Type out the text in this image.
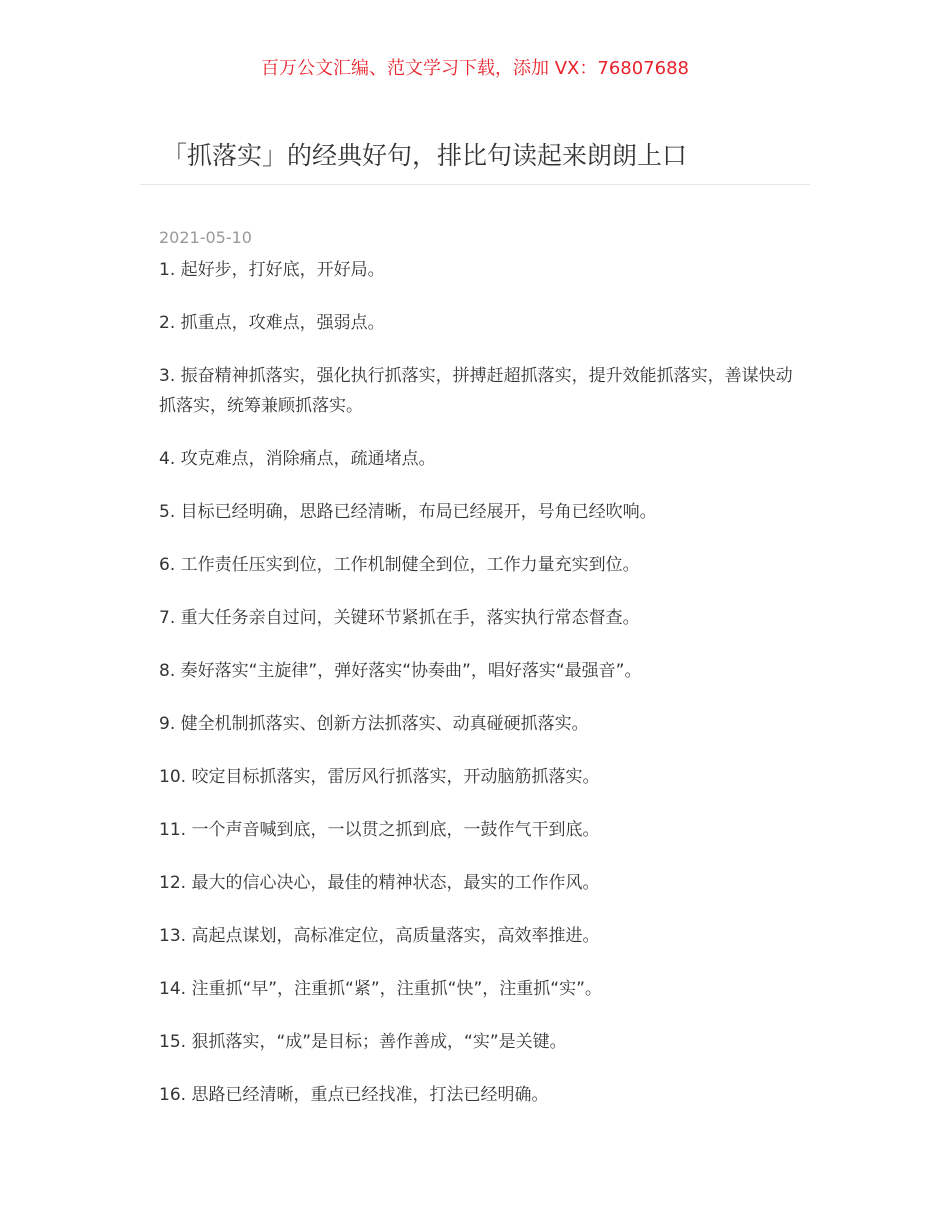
百万公文汇编、范文学习下载，添加 VX：76807688
「抓落实」的经典好句，排比句读起来朗朗上口
2021-05-10
1. 起好步，打好底，开好局。
2. 抓重点，攻难点，强弱点。
3. 振奋精神抓落实，强化执行抓落实，拼搏赶超抓落实，提升效能抓落实，善谋快动抓落实，统筹兼顾抓落实。
4. 攻克难点，消除痛点，疏通堵点。
5. 目标已经明确，思路已经清晰，布局已经展开，号角已经吹响。
6. 工作责任压实到位，工作机制健全到位，工作力量充实到位。
7. 重大任务亲自过问，关键环节紧抓在手，落实执行常态督查。
8. 奏好落实“主旋律”，弹好落实“协奏曲”，唱好落实“最强音”。
9. 健全机制抓落实、创新方法抓落实、动真碰硬抓落实。
10. 咬定目标抓落实，雷厉风行抓落实，开动脑筋抓落实。
11. 一个声音喊到底，一以贯之抓到底，一鼓作气干到底。
12. 最大的信心决心，最佳的精神状态，最实的工作作风。
13. 高起点谋划，高标准定位，高质量落实，高效率推进。
14. 注重抓“早”，注重抓“紧”，注重抓“快”，注重抓“实”。
15. 狠抓落实，“成”是目标；善作善成，“实”是关键。
16. 思路已经清晰，重点已经找准，打法已经明确。
